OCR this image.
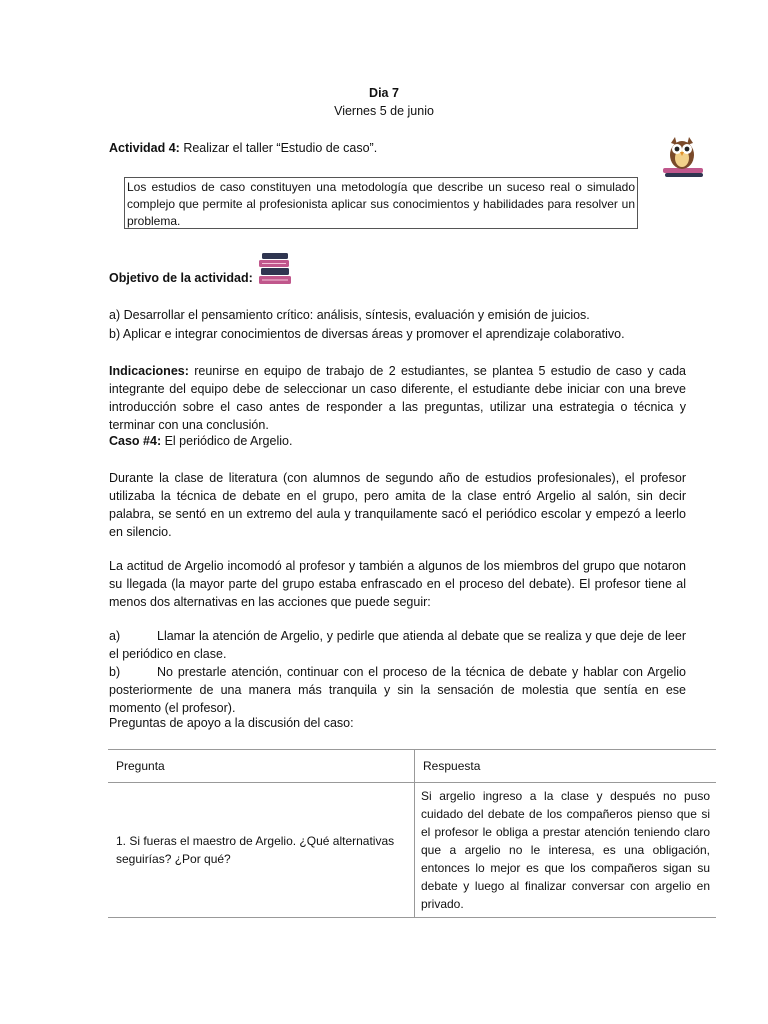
Dia 7
Viernes 5 de junio
Actividad 4: Realizar el taller “Estudio de caso”.
Los estudios de caso constituyen una metodología que describe un suceso real o simulado complejo que permite al profesionista aplicar sus conocimientos y habilidades para resolver un problema.
Objetivo de la actividad:
a) Desarrollar el pensamiento crítico: análisis, síntesis, evaluación y emisión de juicios.
b) Aplicar e integrar conocimientos de diversas áreas y promover el aprendizaje colaborativo.
Indicaciones: reunirse en equipo de trabajo de 2 estudiantes, se plantea 5 estudio de caso y cada integrante del equipo debe de seleccionar un caso diferente, el estudiante debe iniciar con una breve introducción sobre el caso antes de responder a las preguntas, utilizar una estrategia o técnica y terminar con una conclusión.
Caso #4: El periódico de Argelio.
Durante la clase de literatura (con alumnos de segundo año de estudios profesionales), el profesor utilizaba la técnica de debate en el grupo, pero amita de la clase entró Argelio al salón, sin decir palabra, se sentó en un extremo del aula y tranquilamente sacó el periódico escolar y empezó a leerlo en silencio.
La actitud de Argelio incomodó al profesor y también a algunos de los miembros del grupo que notaron su llegada (la mayor parte del grupo estaba enfrascado en el proceso del debate). El profesor tiene al menos dos alternativas en las acciones que puede seguir:
a)	Llamar la atención de Argelio, y pedirle que atienda al debate que se realiza y que deje de leer el periódico en clase.
b)	No prestarle atención, continuar con el proceso de la técnica de debate y hablar con Argelio posteriormente de una manera más tranquila y sin la sensación de molestia que sentía en ese momento (el profesor).
Preguntas de apoyo a la discusión del caso:
Pregunta	Respuesta
1. Si fueras el maestro de Argelio. ¿Qué alternativas seguirías? ¿Por qué?	Si argelio ingreso a la clase y después no puso cuidado del debate de los compañeros pienso que si el profesor le obliga a prestar atención teniendo claro que a argelio no le interesa, es una obligación, entonces lo mejor es que los compañeros sigan su debate y luego al finalizar conversar con argelio en privado.
